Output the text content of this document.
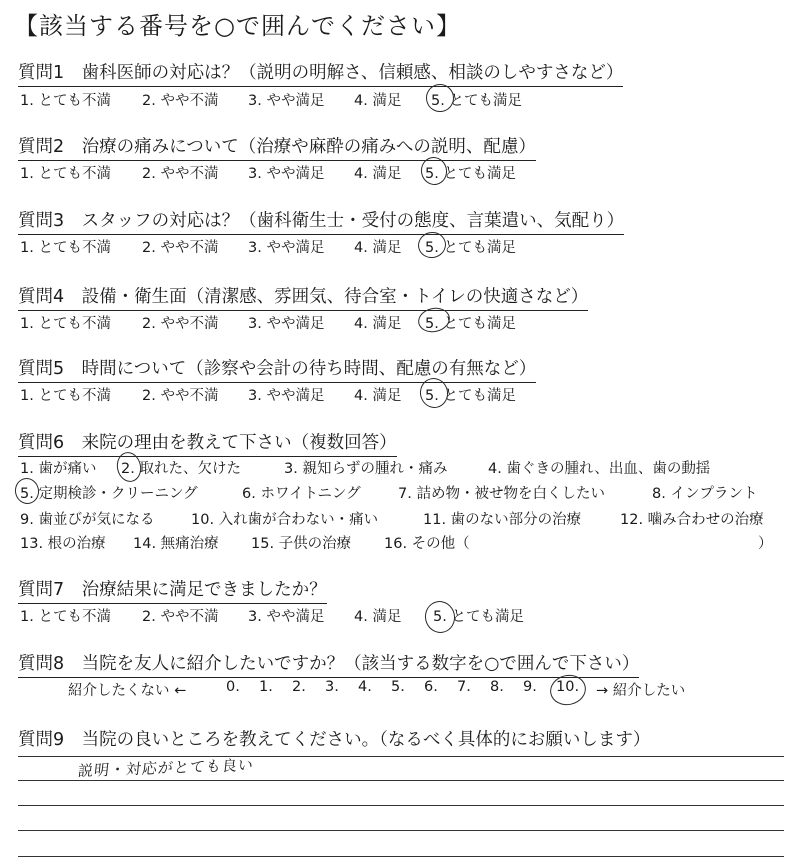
【該当する番号を○で囲んでください】
質問1　歯科医師の対応は？（説明の明解さ、信頼感、相談のしやすさなど）
1. とても不満 2. やや不満 3. やや満足 4. 満足 5. とても満足
質問2　治療の痛みについて（治療や麻酔の痛みへの説明、配慮）
1. とても不満 2. やや不満 3. やや満足 4. 満足 5. とても満足
質問3　スタッフの対応は？（歯科衛生士・受付の態度、言葉遣い、気配り）
1. とても不満 2. やや不満 3. やや満足 4. 満足 5. とても満足
質問4　設備・衛生面（清潔感、雰囲気、待合室・トイレの快適さなど）
1. とても不満 2. やや不満 3. やや満足 4. 満足 5. とても満足
質問5　時間について（診察や会計の待ち時間、配慮の有無など）
1. とても不満 2. やや不満 3. やや満足 4. 満足 5. とても満足
質問6　来院の理由を教えて下さい（複数回答）
1. 歯が痛い 2. 取れた、欠けた	3. 親知らずの腫れ・痛み	4. 歯ぐきの腫れ、出血、歯の動揺
5. 定期検診・クリーニング	6. ホワイトニング	7. 詰め物・被せ物を白くしたい	8. インプラント
9. 歯並びが気になる	10. 入れ歯が合わない・痛い	11. 歯のない部分の治療	12. 噛み合わせの治療
13. 根の治療 14. 無痛治療 15. 子供の治療 16. その他（	）
質問7　治療結果に満足できましたか？
1. とても不満 2. やや不満 3. やや満足 4. 満足 5. とても満足
質問8　当院を友人に紹介したいですか？（該当する数字を○で囲んで下さい）
紹介したくない ←	0. 1. 2. 3. 4. 5. 6. 7. 8. 9. 10. → 紹介したい
質問9　当院の良いところを教えてください。（なるべく具体的にお願いします）
説明・対応がとても良い
